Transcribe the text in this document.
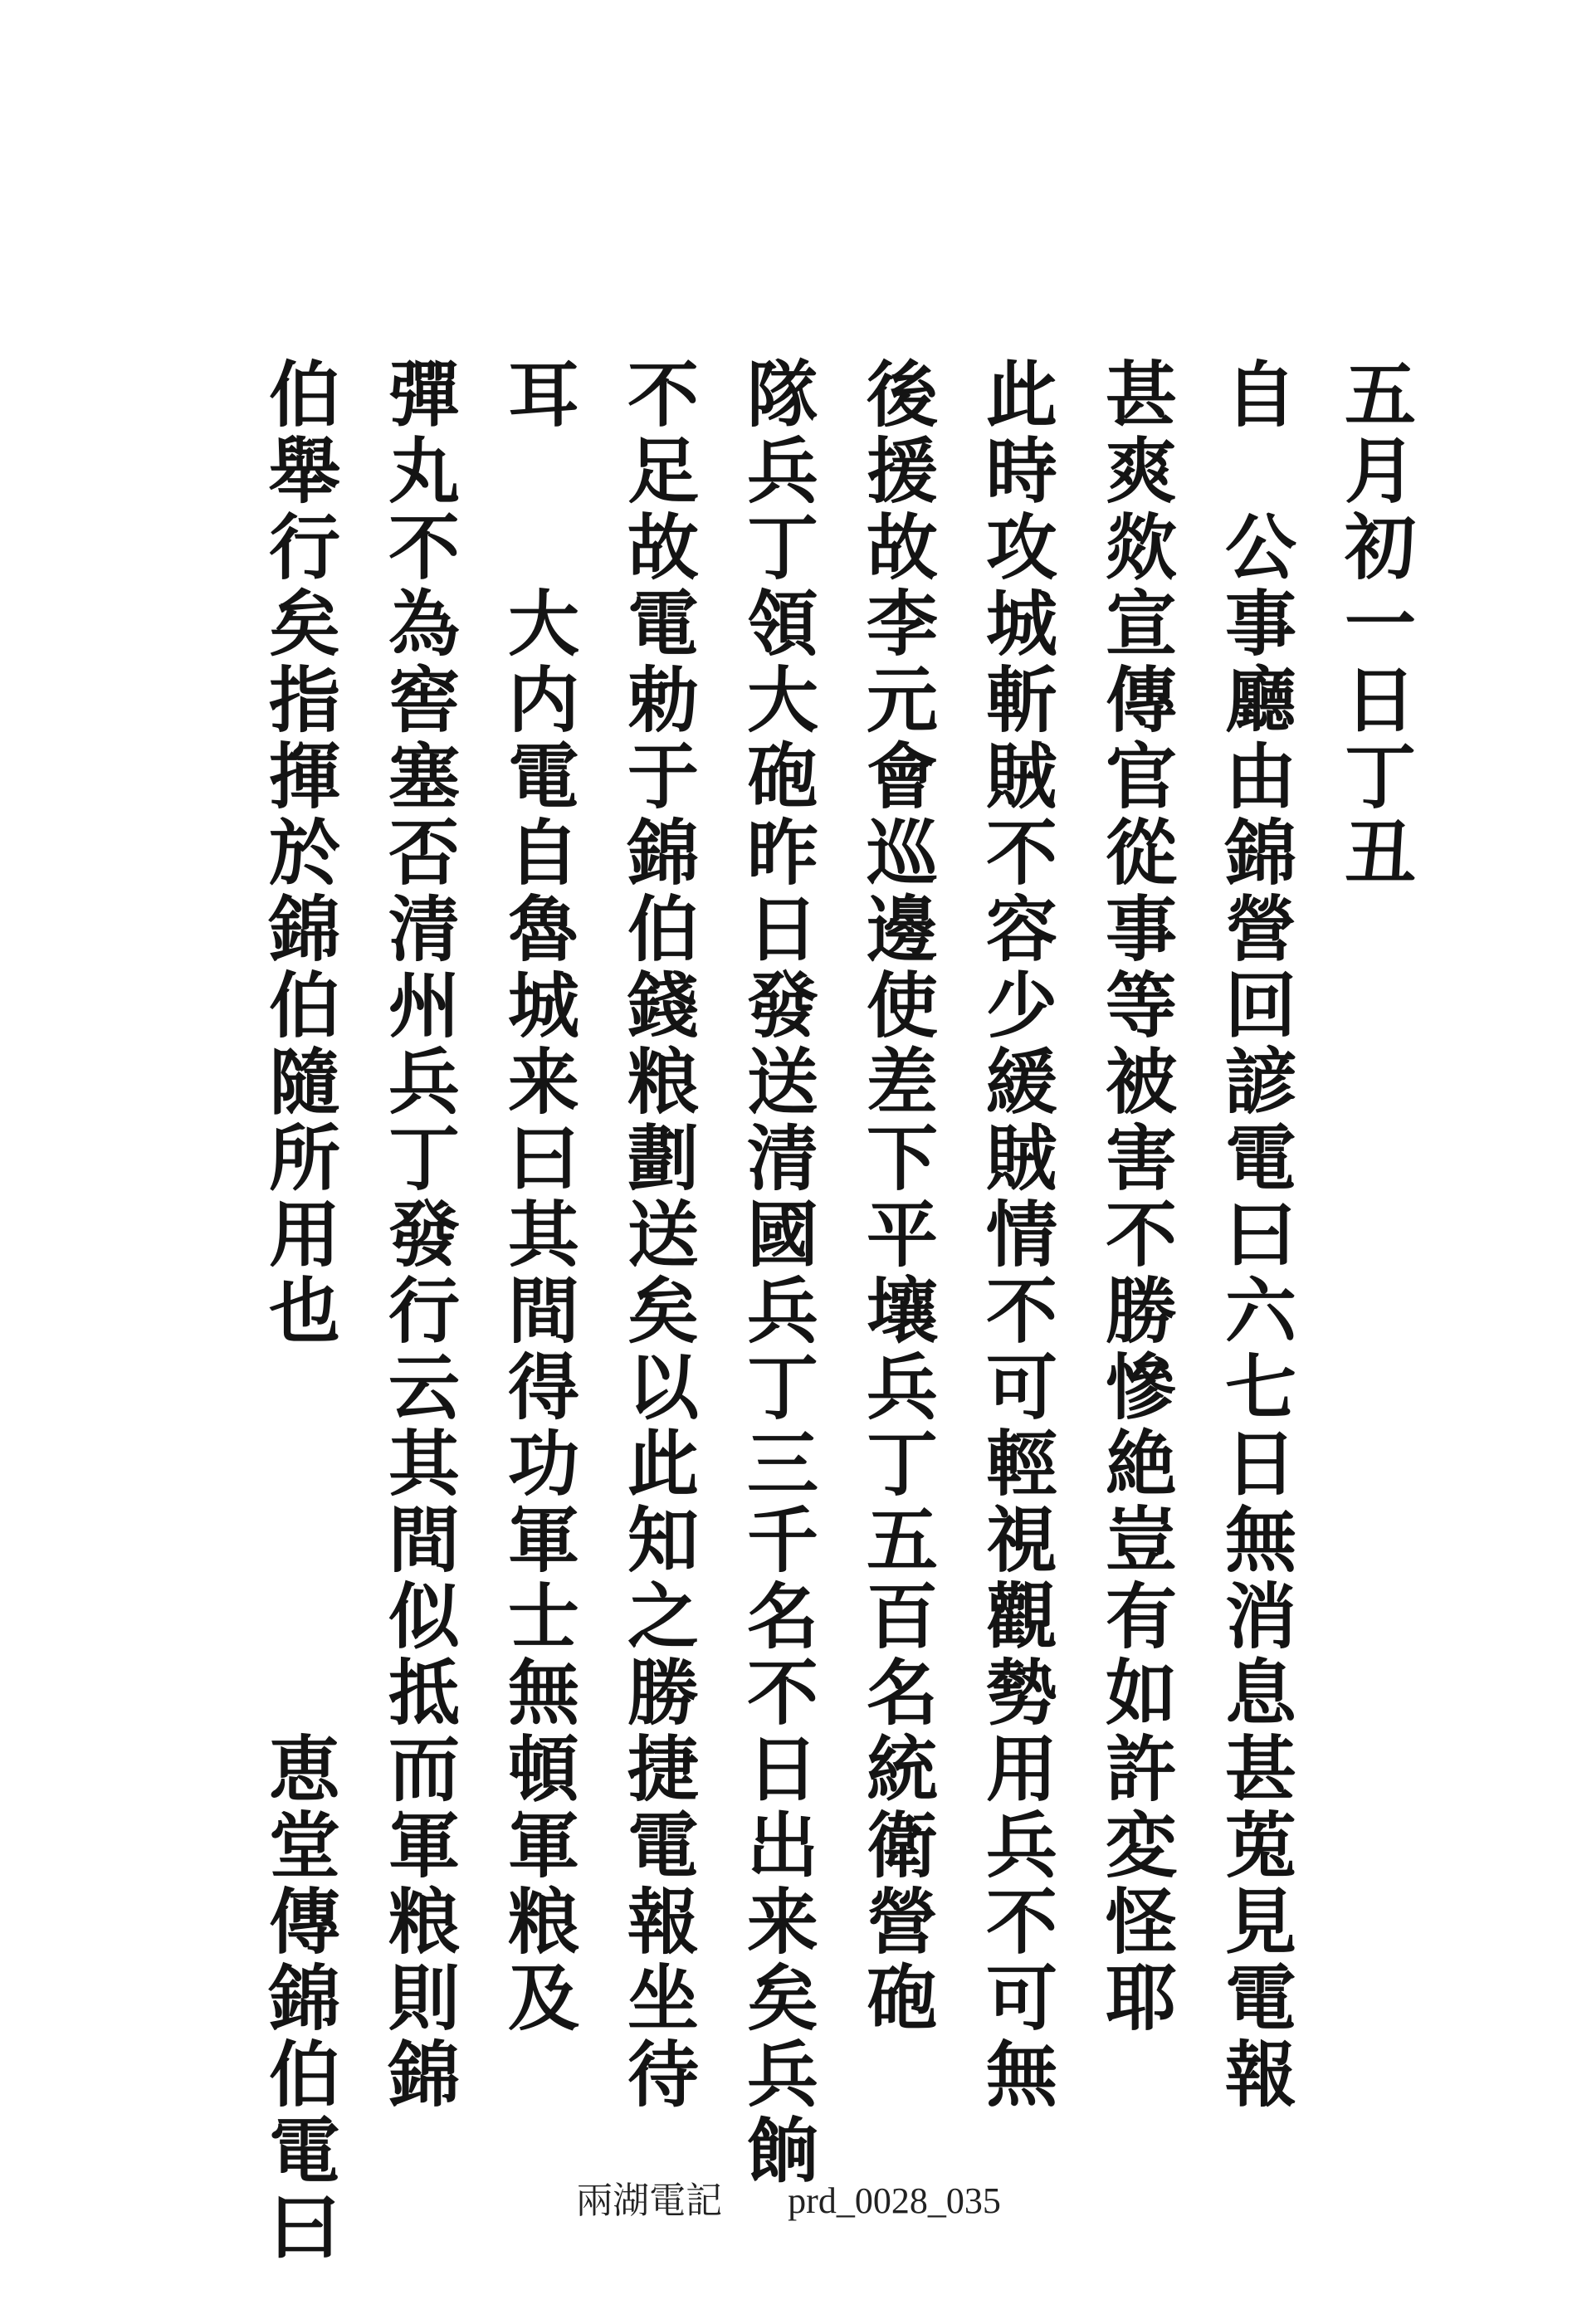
五月初一日丁丑
自　公事廳由錦營回諺電曰六七日無消息甚莵見電報
甚爽欻宣傳官從事等被害不勝慘絶豈有如許変怪耶
此時攻城斬賊不容少緩賊情不可輕視觀勢用兵不可無
後援故李元會巡邊使差下平壤兵丁五百名統衛營砲
隊兵丁領大砲昨日發送清國兵丁三千名不日出来矣兵餉
不足故電勅于錦伯錢粮劃送矣以此知之勝捷電報坐待
耳　　大内電自魯城来曰其間得功軍士無頓軍粮及
彈丸不為窖塞否清州兵丁發行云其間似抵而軍粮則錦
伯舉行矣指揮於錦伯隨所用也　　　　　恵堂傳錦伯電曰	兩湖電記 prd_0028_035
